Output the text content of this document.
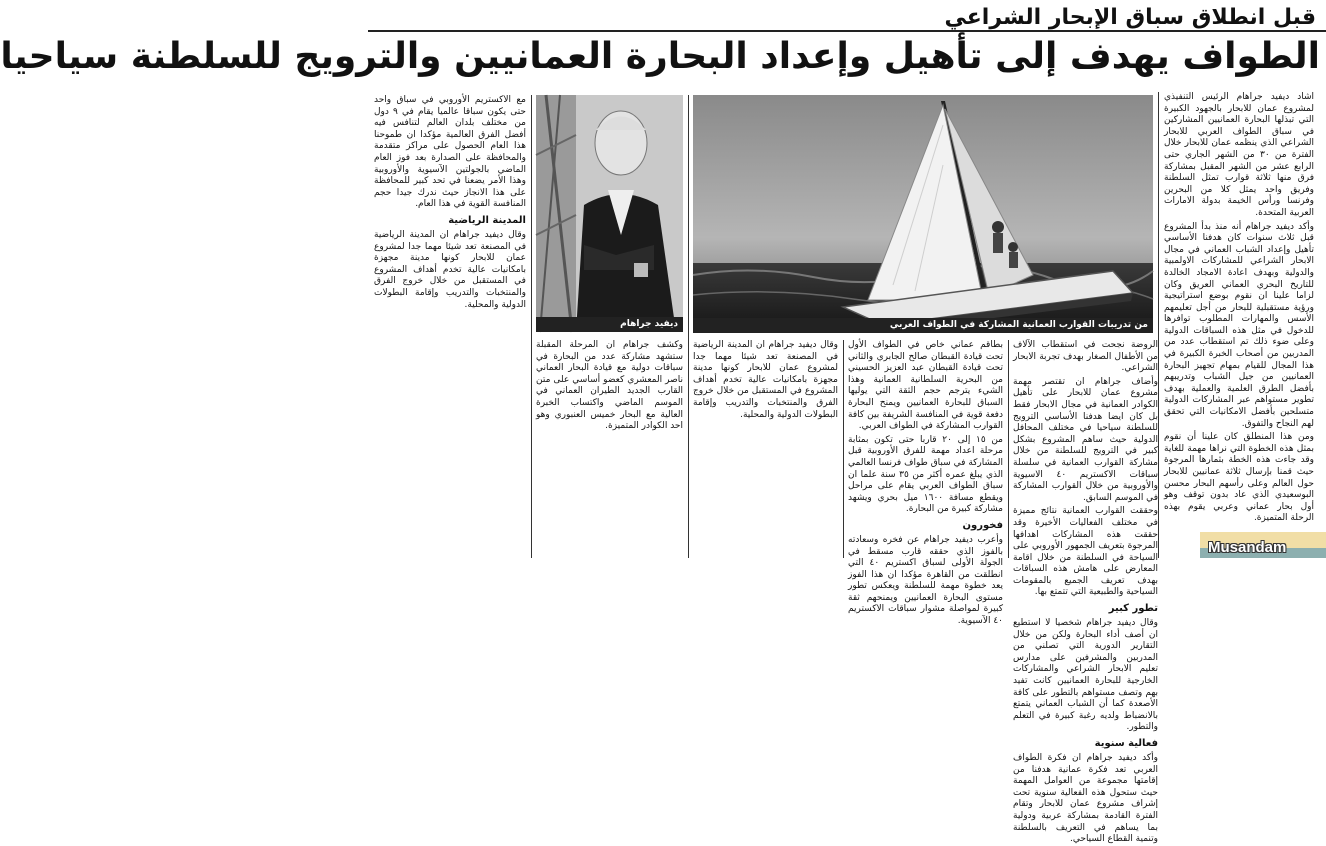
قبل انطلاق سباق الإبحار الشراعي
الطواف يهدف إلى تأهيل وإعداد البحارة العمانيين والترويج للسلطنة سياحيا

اشاد ديفيد جراهام الرئيس التنفيذي لمشروع عمان للابحار بالجهود الكبيرة التي تبذلها البحارة العمانيين المشاركين في سباق الطواف العربي للابحار الشراعي الذي ينظمه عمان للابحار خلال الفترة من ٣٠ من الشهر الجاري حتى الرابع عشر من الشهر المقبل بمشاركة فرق منها ثلاثة قوارب تمثل السلطنة وفريق واحد يمثل كلا من البحرين وفرنسا ورأس الخيمة بدولة الامارات العربية المتحدة.

وأكد ديفيد جراهام أنه منذ بدأ المشروع قبل ثلاث سنوات كان هدفنا الأساسي تأهيل وإعداد الشباب العماني في مجال الابحار الشراعي للمشاركات الاولمبية والدولية وبهدف اعادة الامجاد الخالدة للتاريخ البحري العماني العريق وكان لزاما علينا ان نقوم بوضع استراتيجية ورؤية مستقبلية للبحار من أجل تعليمهم الأسس والمهارات المطلوب توافرها للدخول في مثل هذه السباقات الدولية وعلى ضوء ذلك تم استقطاب عدد من المدربين من أصحاب الخبرة الكبيرة في هذا المجال للقيام بمهام تجهيز البحارة العمانيين من جيل الشباب وتدريبهم بأفضل الطرق العلمية والعملية بهدف تطوير مستواهم عبر المشاركات الدولية متسلحين بأفضل الامكانيات التي تحقق لهم النجاح والتفوق.

ومن هذا المنطلق كان علينا أن نقوم بمثل هذه الخطوة التي نراها مهمة للغاية وقد جاءت هذه الخطة بثمارها المرجوة حيث قمنا بإرسال ثلاثة عمانيين للابحار حول العالم وعلى رأسهم البحار محسن البوسعيدي الذي عاد بدون توقف وهو أول بحار عماني وعربي يقوم بهذه الرحلة المتميزة.

من تدريبات القوارب العمانية المشاركة في الطواف العربي

الروضة نجحت في استقطاب الآلاف من الأطفال الصغار بهدف تجربة الابحار الشراعي.

وأضاف جراهام ان تقتصر مهمة مشروع عمان للابحار على تأهيل الكوادر العمانية في مجال الابحار فقط بل كان ايضا هدفنا الأساسي الترويج للسلطنة سياحيا في مختلف المحافل الدولية حيث ساهم المشروع بشكل كبير في الترويج للسلطنة من خلال مشاركة القوارب العمانية في سلسلة سباقات الاكستريم ٤٠ الاسيوية والأوروبية من خلال القوارب المشاركة في الموسم السابق.

وحققت القوارب العمانية نتائج مميزة في مختلف الفعاليات الأخيرة وقد حققت هذه المشاركات اهدافها المرجوة بتعريف الجمهور الأوروبي على السياحة في السلطنة من خلال اقامة المعارض على هامش هذه السباقات بهدف تعريف الجميع بالمقومات السياحية والطبيعية التي تتمتع بها.

تطور كبير

وقال ديفيد جراهام شخصيا لا استطيع ان أصف أداء البحارة ولكن من خلال التقارير الدورية التي تصلني من المدربين والمشرفين على مدارس تعليم الابحار الشراعي والمشاركات الخارجية للبحارة العمانيين كانت تفيد بهم وتصف مستواهم بالتطور على كافة الأصعدة كما أن الشباب العماني يتمتع بالانضباط ولديه رغبة كبيرة في التعلم والتطور.

فعالية سنوية

وأكد ديفيد جراهام ان فكرة الطواف العربي تعد فكرة عمانية هدفنا من إقامتها مجموعة من العوامل المهمة حيث ستحول هذه الفعالية سنوية تحت إشراف مشروع عمان للابحار وتقام الفترة القادمة بمشاركة عربية ودولية بما يساهم في التعريف بالسلطنة وتنمية القطاع السياحي.

بطاقم عماني خاص في الطواف الأول تحت قيادة القبطان صالح الجابري والثاني تحت قيادة القبطان عبد العزيز الحسيني من البحرية السلطانية العمانية وهذا الشيء يترجم حجم الثقة التي يوليها السباق للبحارة العمانيين ويمنح البحارة دفعة قوية في المنافسة الشريفة بين كافة القوارب المشاركة في الطواف العربي.

من ١٥ إلى ٢٠ قاربا حتى تكون بمثابة مرحلة اعداد مهمة للفرق الأوروبية قبل المشاركة في سباق طواف فرنسا العالمي الذي يبلغ عمره أكثر من ٣٥ سنة علما ان سباق الطواف العربي يقام على مراحل ويقطع مسافة ١٦٠٠ ميل بحري ويشهد مشاركة كبيرة من البحارة.

فخورون

وأعرب ديفيد جراهام عن فخره وسعادته بالفوز الذي حققه قارب مسقط في الجولة الأولى لسباق اكستريم ٤٠ التي انطلقت من القاهرة مؤكدا ان هذا الفوز يعد خطوة مهمة للسلطنة ويعكس تطور مستوى البحارة العمانيين ويمنحهم ثقة كبيرة لمواصلة مشوار سباقات الاكستريم ٤٠ الآسيوية.

وقال ديفيد جراهام ان المدينة الرياضية في المصنعة تعد شيئا مهما جدا لمشروع عمان للابحار كونها مدينة مجهزة بامكانيات عالية تخدم أهداف المشروع في المستقبل من خلال خروج الفرق والمنتخبات والتدريب وإقامة البطولات الدولية والمحلية.

ديفيد جراهام

وكشف جراهام ان المرحلة المقبلة ستشهد مشاركة عدد من البحارة في سباقات دولية مع قيادة البحار العماني ناصر المعشري كعضو أساسي على متن القارب الجديد الطيران العماني في الموسم الماضي واكتساب الخبرة العالية مع البحار خميس العنبوري وهو احد الكوادر المتميزة.

مع الاكستريم الأوروبي في سباق واحد حتى يكون سباقا عالميا يقام في ٩ دول من مختلف بلدان العالم لتنافس فيه أفضل الفرق العالمية مؤكدا ان طموحنا هذا العام الحصول على مراكز متقدمة والمحافظة على الصدارة بعد فوز العام الماضي بالجولتين الآسيوية والأوروبية وهذا الأمر يضعنا في تحد كبير للمحافظة على هذا الانجاز حيث ندرك جيدا حجم المنافسة القوية في هذا العام.

المدينة الرياضية

وقال ديفيد جراهام ان المدينة الرياضية في المصنعة تعد شيئا مهما جدا لمشروع عمان للابحار كونها مدينة مجهزة بامكانيات عالية تخدم أهداف المشروع في المستقبل من خلال خروج الفرق والمنتخبات والتدريب وإقامة البطولات الدولية والمحلية.

Musandam
